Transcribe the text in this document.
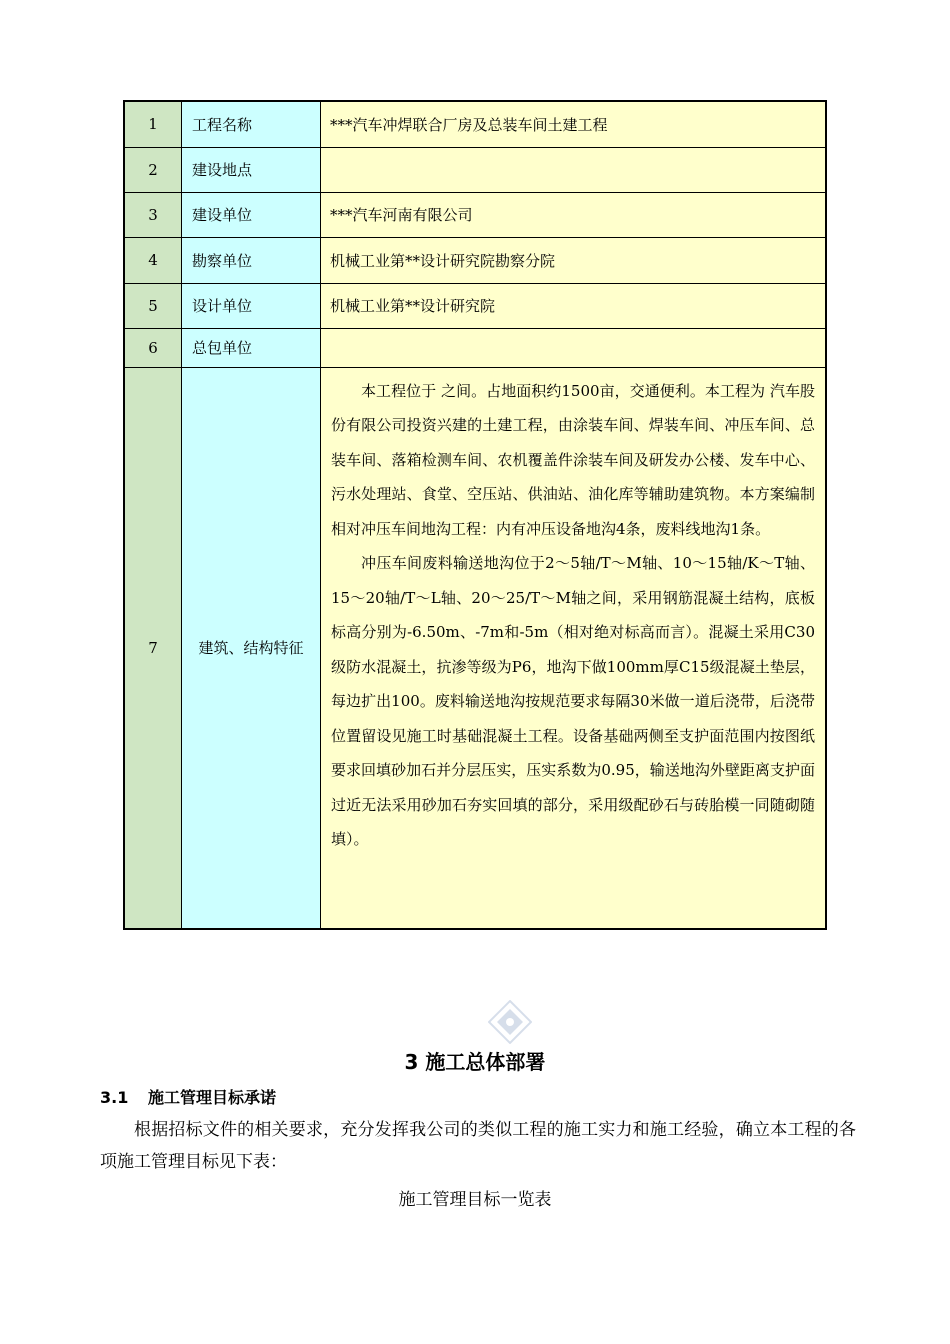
1	工程名称	***汽车冲焊联合厂房及总装车间土建工程
2	建设地点	
3	建设单位	***汽车河南有限公司
4	勘察单位	机械工业第**设计研究院勘察分院
5	设计单位	机械工业第**设计研究院
6	总包单位	
7	建筑、结构特征	本工程位于 之间。占地面积约1500亩，交通便利。本工程为 汽车股份有限公司投资兴建的土建工程，由涂装车间、焊装车间、冲压车间、总装车间、落箱检测车间、农机覆盖件涂装车间及研发办公楼、发车中心、污水处理站、食堂、空压站、供油站、油化库等辅助建筑物。本方案编制相对冲压车间地沟工程：内有冲压设备地沟4条，废料线地沟1条。

冲压车间废料输送地沟位于2～5轴/T～M轴、10～15轴/K～T轴、15～20轴/T～L轴、20～25/T～M轴之间，采用钢筋混凝土结构，底板标高分别为-6.50m、-7m和-5m（相对绝对标高而言）。混凝土采用C30级防水混凝土，抗渗等级为P6，地沟下做100mm厚C15级混凝土垫层，每边扩出100。废料输送地沟按规范要求每隔30米做一道后浇带，后浇带位置留设见施工时基础混凝土工程。设备基础两侧至支护面范围内按图纸要求回填砂加石并分层压实，压实系数为0.95，输送地沟外壁距离支护面过近无法采用砂加石夯实回填的部分，采用级配砂石与砖胎模一同随砌随填）。

3 施工总体部署
3.1 施工管理目标承诺

根据招标文件的相关要求，充分发挥我公司的类似工程的施工实力和施工经验，确立本工程的各项施工管理目标见下表：

施工管理目标一览表
